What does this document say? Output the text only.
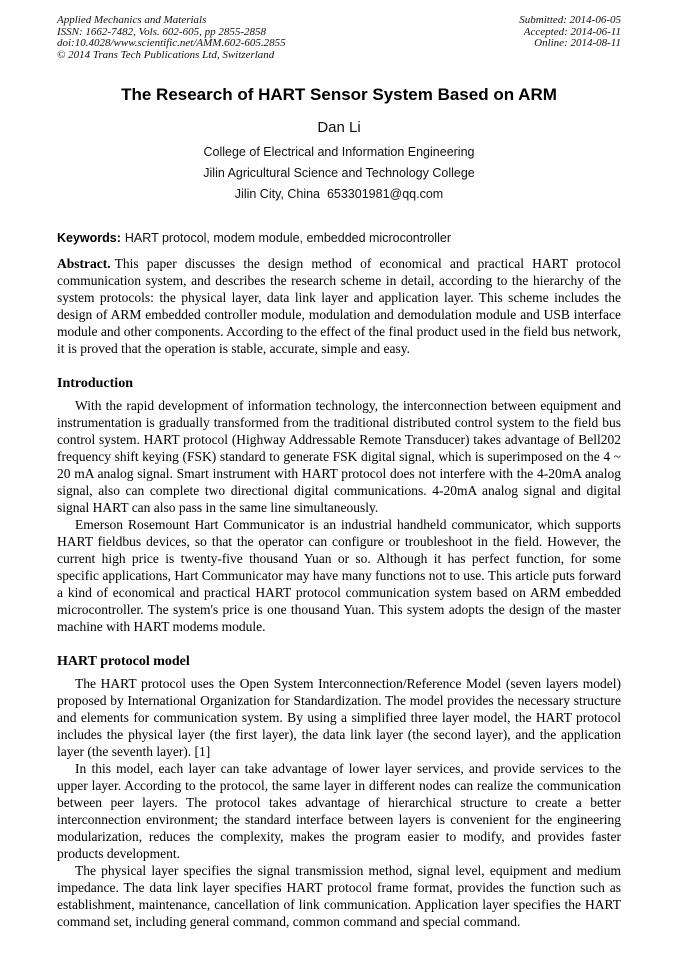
Applied Mechanics and Materials
ISSN: 1662-7482, Vols. 602-605, pp 2855-2858
doi:10.4028/www.scientific.net/AMM.602-605.2855
© 2014 Trans Tech Publications Ltd, Switzerland
Submitted: 2014-06-05
Accepted: 2014-06-11
Online: 2014-08-11
The Research of HART Sensor System Based on ARM
Dan Li
College of Electrical and Information Engineering
Jilin Agricultural Science and Technology College
Jilin City, China  653301981@qq.com

Keywords: HART protocol, modem module, embedded microcontroller

Abstract. This paper discusses the design method of economical and practical HART protocol communication system, and describes the research scheme in detail, according to the hierarchy of the system protocols: the physical layer, data link layer and application layer. This scheme includes the design of ARM embedded controller module, modulation and demodulation module and USB interface module and other components. According to the effect of the final product used in the field bus network, it is proved that the operation is stable, accurate, simple and easy.

Introduction

With the rapid development of information technology, the interconnection between equipment and instrumentation is gradually transformed from the traditional distributed control system to the field bus control system. HART protocol (Highway Addressable Remote Transducer) takes advantage of Bell202 frequency shift keying (FSK) standard to generate FSK digital signal, which is superimposed on the 4 ~ 20 mA analog signal. Smart instrument with HART protocol does not interfere with the 4-20mA analog signal, also can complete two directional digital communications. 4-20mA analog signal and digital signal HART can also pass in the same line simultaneously.

Emerson Rosemount Hart Communicator is an industrial handheld communicator, which supports HART fieldbus devices, so that the operator can configure or troubleshoot in the field. However, the current high price is twenty-five thousand Yuan or so. Although it has perfect function, for some specific applications, Hart Communicator may have many functions not to use. This article puts forward a kind of economical and practical HART protocol communication system based on ARM embedded microcontroller. The system's price is one thousand Yuan. This system adopts the design of the master machine with HART modems module.

HART protocol model

The HART protocol uses the Open System Interconnection/Reference Model (seven layers model) proposed by International Organization for Standardization. The model provides the necessary structure and elements for communication system. By using a simplified three layer model, the HART protocol includes the physical layer (the first layer), the data link layer (the second layer), and the application layer (the seventh layer). [1]

In this model, each layer can take advantage of lower layer services, and provide services to the upper layer. According to the protocol, the same layer in different nodes can realize the communication between peer layers. The protocol takes advantage of hierarchical structure to create a better interconnection environment; the standard interface between layers is convenient for the engineering modularization, reduces the complexity, makes the program easier to modify, and provides faster products development.

The physical layer specifies the signal transmission method, signal level, equipment and medium impedance. The data link layer specifies HART protocol frame format, provides the function such as establishment, maintenance, cancellation of link communication. Application layer specifies the HART command set, including general command, common command and special command.
